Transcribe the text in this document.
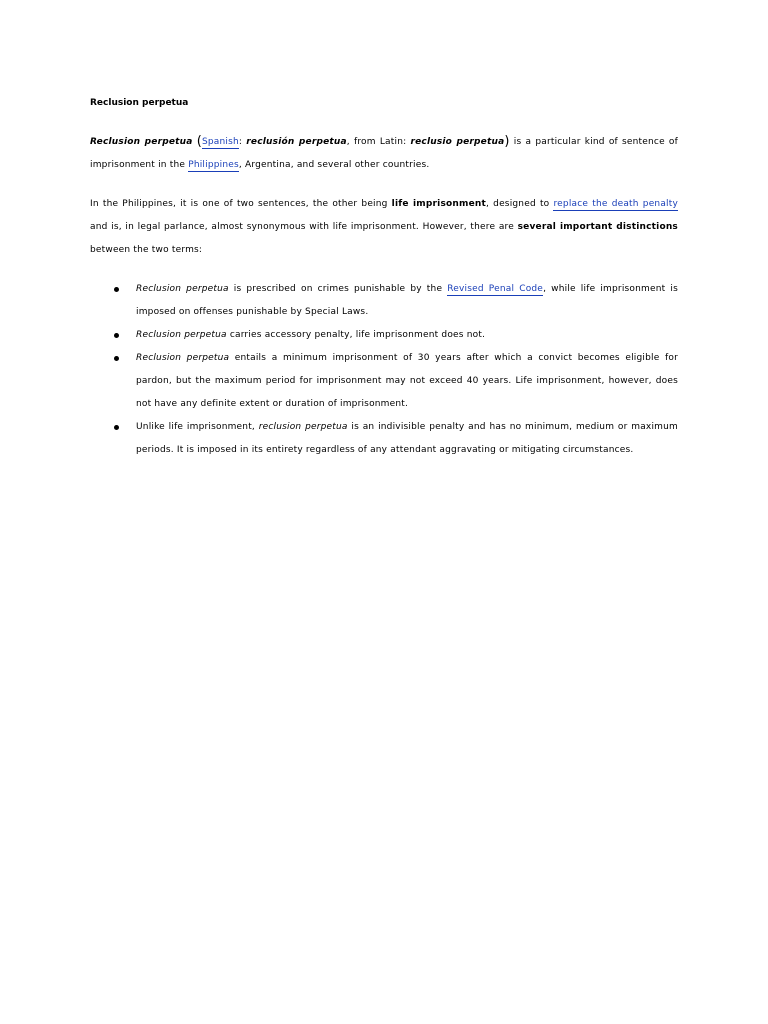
Reclusion perpetua

Reclusion perpetua (Spanish: reclusión perpetua, from Latin: reclusio perpetua) is a particular kind of sentence of imprisonment in the Philippines, Argentina, and several other countries.

In the Philippines, it is one of two sentences, the other being life imprisonment, designed to replace the death penalty and is, in legal parlance, almost synonymous with life imprisonment. However, there are several important distinctions between the two terms:

Reclusion perpetua is prescribed on crimes punishable by the Revised Penal Code, while life imprisonment is imposed on offenses punishable by Special Laws.
Reclusion perpetua carries accessory penalty, life imprisonment does not.
Reclusion perpetua entails a minimum imprisonment of 30 years after which a convict becomes eligible for pardon, but the maximum period for imprisonment may not exceed 40 years. Life imprisonment, however, does not have any definite extent or duration of imprisonment.
Unlike life imprisonment, reclusion perpetua is an indivisible penalty and has no minimum, medium or maximum periods. It is imposed in its entirety regardless of any attendant aggravating or mitigating circumstances.
